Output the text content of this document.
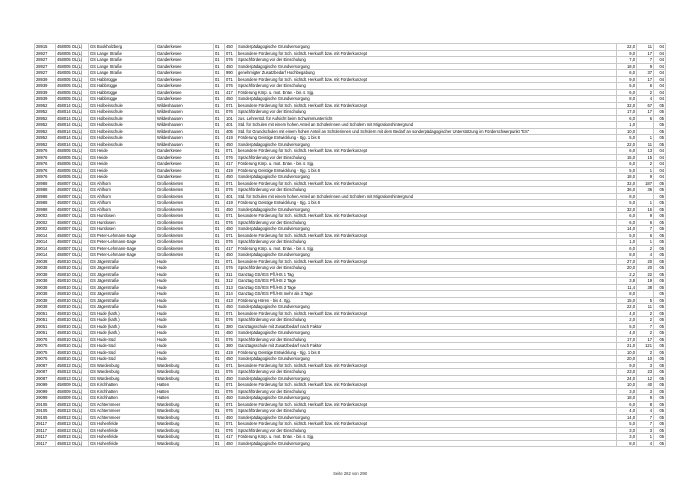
28915	458005 OL(L)	GS Bookholzberg	Ganderkesee	01	450	Sonderpädagogische Grundversorgung	22,0	11	04
28927	458005 OL(L)	GS Lange Straße	Ganderkesee	01	071	besondere Förderung für Sch. nichtdt. Herkunft bzw. mit Förderkonzept	9,0	17	04
28927	458005 OL(L)	GS Lange Straße	Ganderkesee	01	076	Sprachförderung vor der Einschulung	7,0	7	04
28927	458005 OL(L)	GS Lange Straße	Ganderkesee	01	450	Sonderpädagogische Grundversorgung	18,0	9	04
28927	458005 OL(L)	GS Lange Straße	Ganderkesee	01	990	genehmigter Zusatzbedarf Hochbegabung	6,0	37	04
28939	458005 OL(L)	GS Habbrügge	Ganderkesee	01	071	besondere Förderung für Sch. nichtdt. Herkunft bzw. mit Förderkonzept	9,0	17	04
28939	458005 OL(L)	GS Habbrügge	Ganderkesee	01	076	Sprachförderung vor der Einschulung	5,0	6	04
28939	458005 OL(L)	GS Habbrügge	Ganderkesee	01	417	Förderung Körp. u. mot. Entw. - bis 4. Sjg.	6,0	2	04
28939	458005 OL(L)	GS Habbrügge	Ganderkesee	01	450	Sonderpädagogische Grundversorgung	8,0	4	04
28952	458014 OL(L)	GS Holbeinschule	Wildeshausen	01	071	besondere Förderung für Sch. nichtdt. Herkunft bzw. mit Förderkonzept	32,0	67	05
28952	458014 OL(L)	GS Holbeinschule	Wildeshausen	01	076	Sprachförderung vor der Einschulung	17,0	17	05
28952	458014 OL(L)	GS Holbeinschule	Wildeshausen	01	101	zus. Lehrerstd. für Aufsicht beim Schwimmunterricht	6,0	6	05
28952	458014 OL(L)	GS Holbeinschule	Wildeshausen	01	401	Std. für Schulen mit einem hohen Anteil an Schülerinnen und Schülern mit Migrationshintergrund	1,0		05
28952	458014 OL(L)	GS Holbeinschule	Wildeshausen	01	405	Std. für Grundschulen mit einem hohen Anteil an Schülerinnen und Schülern mit dem Bedarf an sonderpädagogischer Unterstützung im Förderschwerpunkt "ES"	10,0		05
28952	458014 OL(L)	GS Holbeinschule	Wildeshausen	01	419	Förderung Geistige Entwicklung - Sjg. 1 bis 8	5,0	1	05
28952	458014 OL(L)	GS Holbeinschule	Wildeshausen	01	450	Sonderpädagogische Grundversorgung	22,0	11	05
28976	458005 OL(L)	GS Heide	Ganderkesee	01	071	besondere Förderung für Sch. nichtdt. Herkunft bzw. mit Förderkonzept	6,0	13	04
28976	458005 OL(L)	GS Heide	Ganderkesee	01	076	Sprachförderung vor der Einschulung	15,0	15	04
28976	458005 OL(L)	GS Heide	Ganderkesee	01	417	Förderung Körp. u. mot. Entw. - bis 4. Sjg.	6,0	2	04
28976	458005 OL(L)	GS Heide	Ganderkesee	01	419	Förderung Geistige Entwicklung - Sjg. 1 bis 8	5,0	1	04
28976	458005 OL(L)	GS Heide	Ganderkesee	01	450	Sonderpädagogische Grundversorgung	18,0	9	04
28988	458007 OL(L)	GS Ahlhorn	Großenkneten	01	071	besondere Förderung für Sch. nichtdt. Herkunft bzw. mit Förderkonzept	32,0	187	05
28988	458007 OL(L)	GS Ahlhorn	Großenkneten	01	076	Sprachförderung vor der Einschulung	36,0	36	05
28988	458007 OL(L)	GS Ahlhorn	Großenkneten	01	401	Std. für Schulen mit einem hohen Anteil an Schülerinnen und Schülern mit Migrationshintergrund	8,0		05
28988	458007 OL(L)	GS Ahlhorn	Großenkneten	01	419	Förderung Geistige Entwicklung - Sjg. 1 bis 8	5,0	1	05
28988	458007 OL(L)	GS Ahlhorn	Großenkneten	01	450	Sonderpädagogische Grundversorgung	32,0	16	05
29002	458007 OL(L)	GS Huntlosen	Großenkneten	01	071	besondere Förderung für Sch. nichtdt. Herkunft bzw. mit Förderkonzept	6,0	9	05
29002	458007 OL(L)	GS Huntlosen	Großenkneten	01	076	Sprachförderung vor der Einschulung	6,0	6	05
29002	458007 OL(L)	GS Huntlosen	Großenkneten	01	450	Sonderpädagogische Grundversorgung	14,0	7	05
29014	458007 OL(L)	GS Peter-Lehmann-Sage	Großenkneten	01	071	besondere Förderung für Sch. nichtdt. Herkunft bzw. mit Förderkonzept	5,0	6	05
29014	458007 OL(L)	GS Peter-Lehmann-Sage	Großenkneten	01	076	Sprachförderung vor der Einschulung	1,0	1	05
29014	458007 OL(L)	GS Peter-Lehmann-Sage	Großenkneten	01	417	Förderung Körp. u. mot. Entw. - bis 4. Sjg.	6,0	2	05
29014	458007 OL(L)	GS Peter-Lehmann-Sage	Großenkneten	01	450	Sonderpädagogische Grundversorgung	8,0	4	05
29038	458010 OL(L)	GS Jägerstraße	Hude	01	071	besondere Förderung für Sch. nichtdt. Herkunft bzw. mit Förderkonzept	27,0	20	05
29038	458010 OL(L)	GS Jägerstraße	Hude	01	076	Sprachförderung vor der Einschulung	20,0	20	05
29038	458010 OL(L)	GS Jägerstraße	Hude	01	311	Ganztag GS/IGS Pfl./HS 1 Tag	2,2	22	05
29038	458010 OL(L)	GS Jägerstraße	Hude	01	312	Ganztag GS/IGS Pfl./HS 2 Tage	3,8	19	05
29038	458010 OL(L)	GS Jägerstraße	Hude	01	313	Ganztag GS/IGS Pfl./HS 3 Tage	11,4	38	05
29038	458010 OL(L)	GS Jägerstraße	Hude	01	314	Ganztag GS/IGS Pfl./HS mehr als 3 Tage	8,0		05
29038	458010 OL(L)	GS Jägerstraße	Hude	01	413	Förderung Hören - bis 4. Sjg.	15,0	5	05
29038	458010 OL(L)	GS Jägerstraße	Hude	01	450	Sonderpädagogische Grundversorgung	22,0	11	05
29051	458010 OL(L)	GS Hude (kath.)	Hude	01	071	besondere Förderung für Sch. nichtdt. Herkunft bzw. mit Förderkonzept	4,0	2	05
29051	458010 OL(L)	GS Hude (kath.)	Hude	01	076	Sprachförderung vor der Einschulung	2,0	2	05
29051	458010 OL(L)	GS Hude (kath.)	Hude	01	380	Ganztagsschule mit Zusatzbedarf nach Faktor	5,0	7	05
29051	458010 OL(L)	GS Hude (kath.)	Hude	01	450	Sonderpädagogische Grundversorgung	4,0	2	05
29075	458010 OL(L)	GS Hude-Süd	Hude	01	076	Sprachförderung vor der Einschulung	17,0	17	05
29075	458010 OL(L)	GS Hude-Süd	Hude	01	380	Ganztagsschule mit Zusatzbedarf nach Faktor	21,0	121	05
29075	458010 OL(L)	GS Hude-Süd	Hude	01	419	Förderung Geistige Entwicklung - Sjg. 1 bis 8	10,0	2	05
29075	458010 OL(L)	GS Hude-Süd	Hude	01	450	Sonderpädagogische Grundversorgung	20,0	10	05
29087	458013 OL(L)	GS Wardenburg	Wardenburg	01	071	besondere Förderung für Sch. nichtdt. Herkunft bzw. mit Förderkonzept	9,0	3	05
29087	458013 OL(L)	GS Wardenburg	Wardenburg	01	076	Sprachförderung vor der Einschulung	23,0	23	05
29087	458013 OL(L)	GS Wardenburg	Wardenburg	01	450	Sonderpädagogische Grundversorgung	24,0	12	05
29099	458009 OL(L)	GS Kirchhatten	Hatten	01	071	besondere Förderung für Sch. nichtdt. Herkunft bzw. mit Förderkonzept	10,0	40	05
29099	458009 OL(L)	GS Kirchhatten	Hatten	01	076	Sprachförderung vor der Einschulung	3,0	3	05
29099	458009 OL(L)	GS Kirchhatten	Hatten	01	450	Sonderpädagogische Grundversorgung	18,0	9	05
29105	458013 OL(L)	GS Achternmeer	Wardenburg	01	071	besondere Förderung für Sch. nichtdt. Herkunft bzw. mit Förderkonzept	6,0	8	05
29105	458013 OL(L)	GS Achternmeer	Wardenburg	01	076	Sprachförderung vor der Einschulung	4,0	4	05
29105	458013 OL(L)	GS Achternmeer	Wardenburg	01	450	Sonderpädagogische Grundversorgung	14,0	7	05
29117	458013 OL(L)	GS Hohenfelde	Wardenburg	01	071	besondere Förderung für Sch. nichtdt. Herkunft bzw. mit Förderkonzept	5,0	7	05
29117	458013 OL(L)	GS Hohenfelde	Wardenburg	01	076	Sprachförderung vor der Einschulung	3,0	3	05
29117	458013 OL(L)	GS Hohenfelde	Wardenburg	01	417	Förderung Körp. u. mot. Entw. - bis 4. Sjg.	3,0	1	05
29117	458013 OL(L)	GS Hohenfelde	Wardenburg	01	450	Sonderpädagogische Grundversorgung	8,0	4	05
Seite 262 von 298
